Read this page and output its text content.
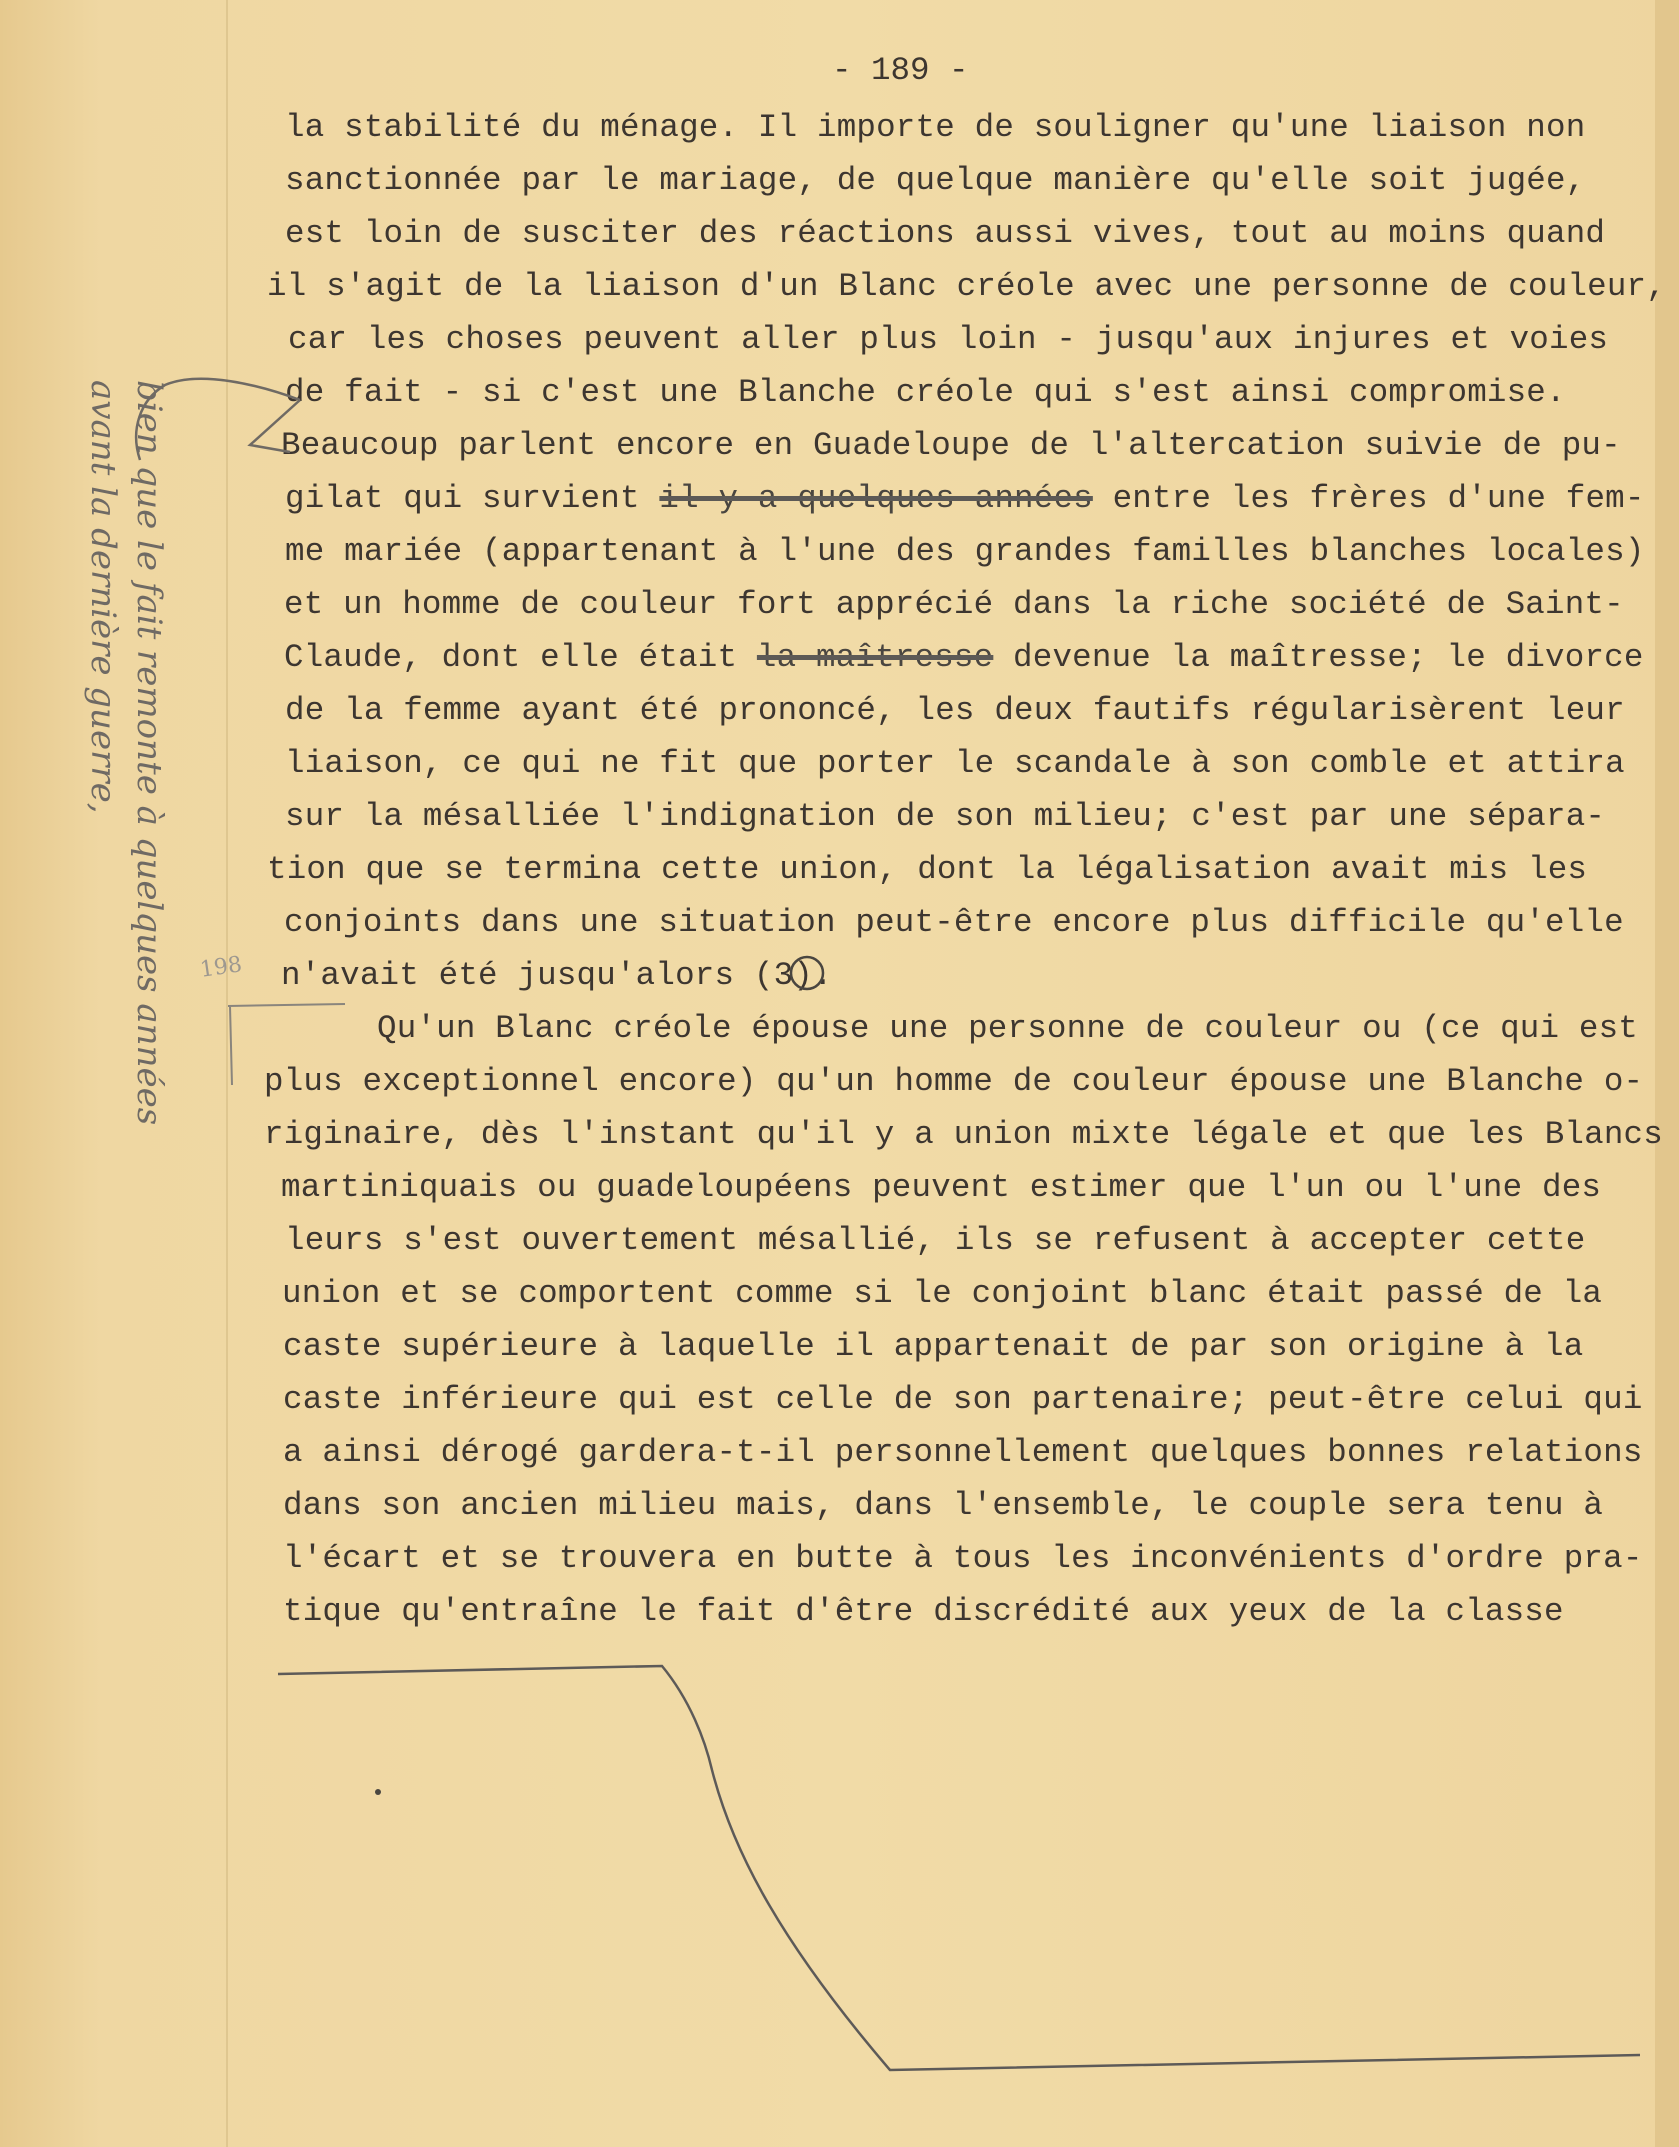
- 189 -
la stabilité du ménage. Il importe de souligner qu'une liaison non
sanctionnée par le mariage, de quelque manière qu'elle soit jugée,
est loin de susciter des réactions aussi vives, tout au moins quand
il s'agit de la liaison d'un Blanc créole avec une personne de couleur,
car les choses peuvent aller plus loin - jusqu'aux injures et voies
de fait - si c'est une Blanche créole qui s'est ainsi compromise.
Beaucoup parlent encore en Guadeloupe de l'altercation suivie de pu-
gilat qui survient il y a quelques années entre les frères d'une fem-
me mariée (appartenant à l'une des grandes familles blanches locales)
et un homme de couleur fort apprécié dans la riche société de Saint-
Claude, dont elle était la maîtresse devenue la maîtresse; le divorce
de la femme ayant été prononcé, les deux fautifs régularisèrent leur
liaison, ce qui ne fit que porter le scandale à son comble et attira
sur la mésalliée l'indignation de son milieu; c'est par une sépara-
tion que se termina cette union, dont la légalisation avait mis les
conjoints dans une situation peut-être encore plus difficile qu'elle
n'avait été jusqu'alors (3).
Qu'un Blanc créole épouse une personne de couleur ou (ce qui est
plus exceptionnel encore) qu'un homme de couleur épouse une Blanche o-
riginaire, dès l'instant qu'il y a union mixte légale et que les Blancs
martiniquais ou guadeloupéens peuvent estimer que l'un ou l'une des
leurs s'est ouvertement mésallié, ils se refusent à accepter cette
union et se comportent comme si le conjoint blanc était passé de la
caste supérieure à laquelle il appartenait de par son origine à la
caste inférieure qui est celle de son partenaire; peut-être celui qui
a ainsi dérogé gardera-t-il personnellement quelques bonnes relations
dans son ancien milieu mais, dans l'ensemble, le couple sera tenu à
l'écart et se trouvera en butte à tous les inconvénients d'ordre pra-
tique qu'entraîne le fait d'être discrédité aux yeux de la classe
bien que le fait remonte à quelques années avant la dernière guerre,
198
